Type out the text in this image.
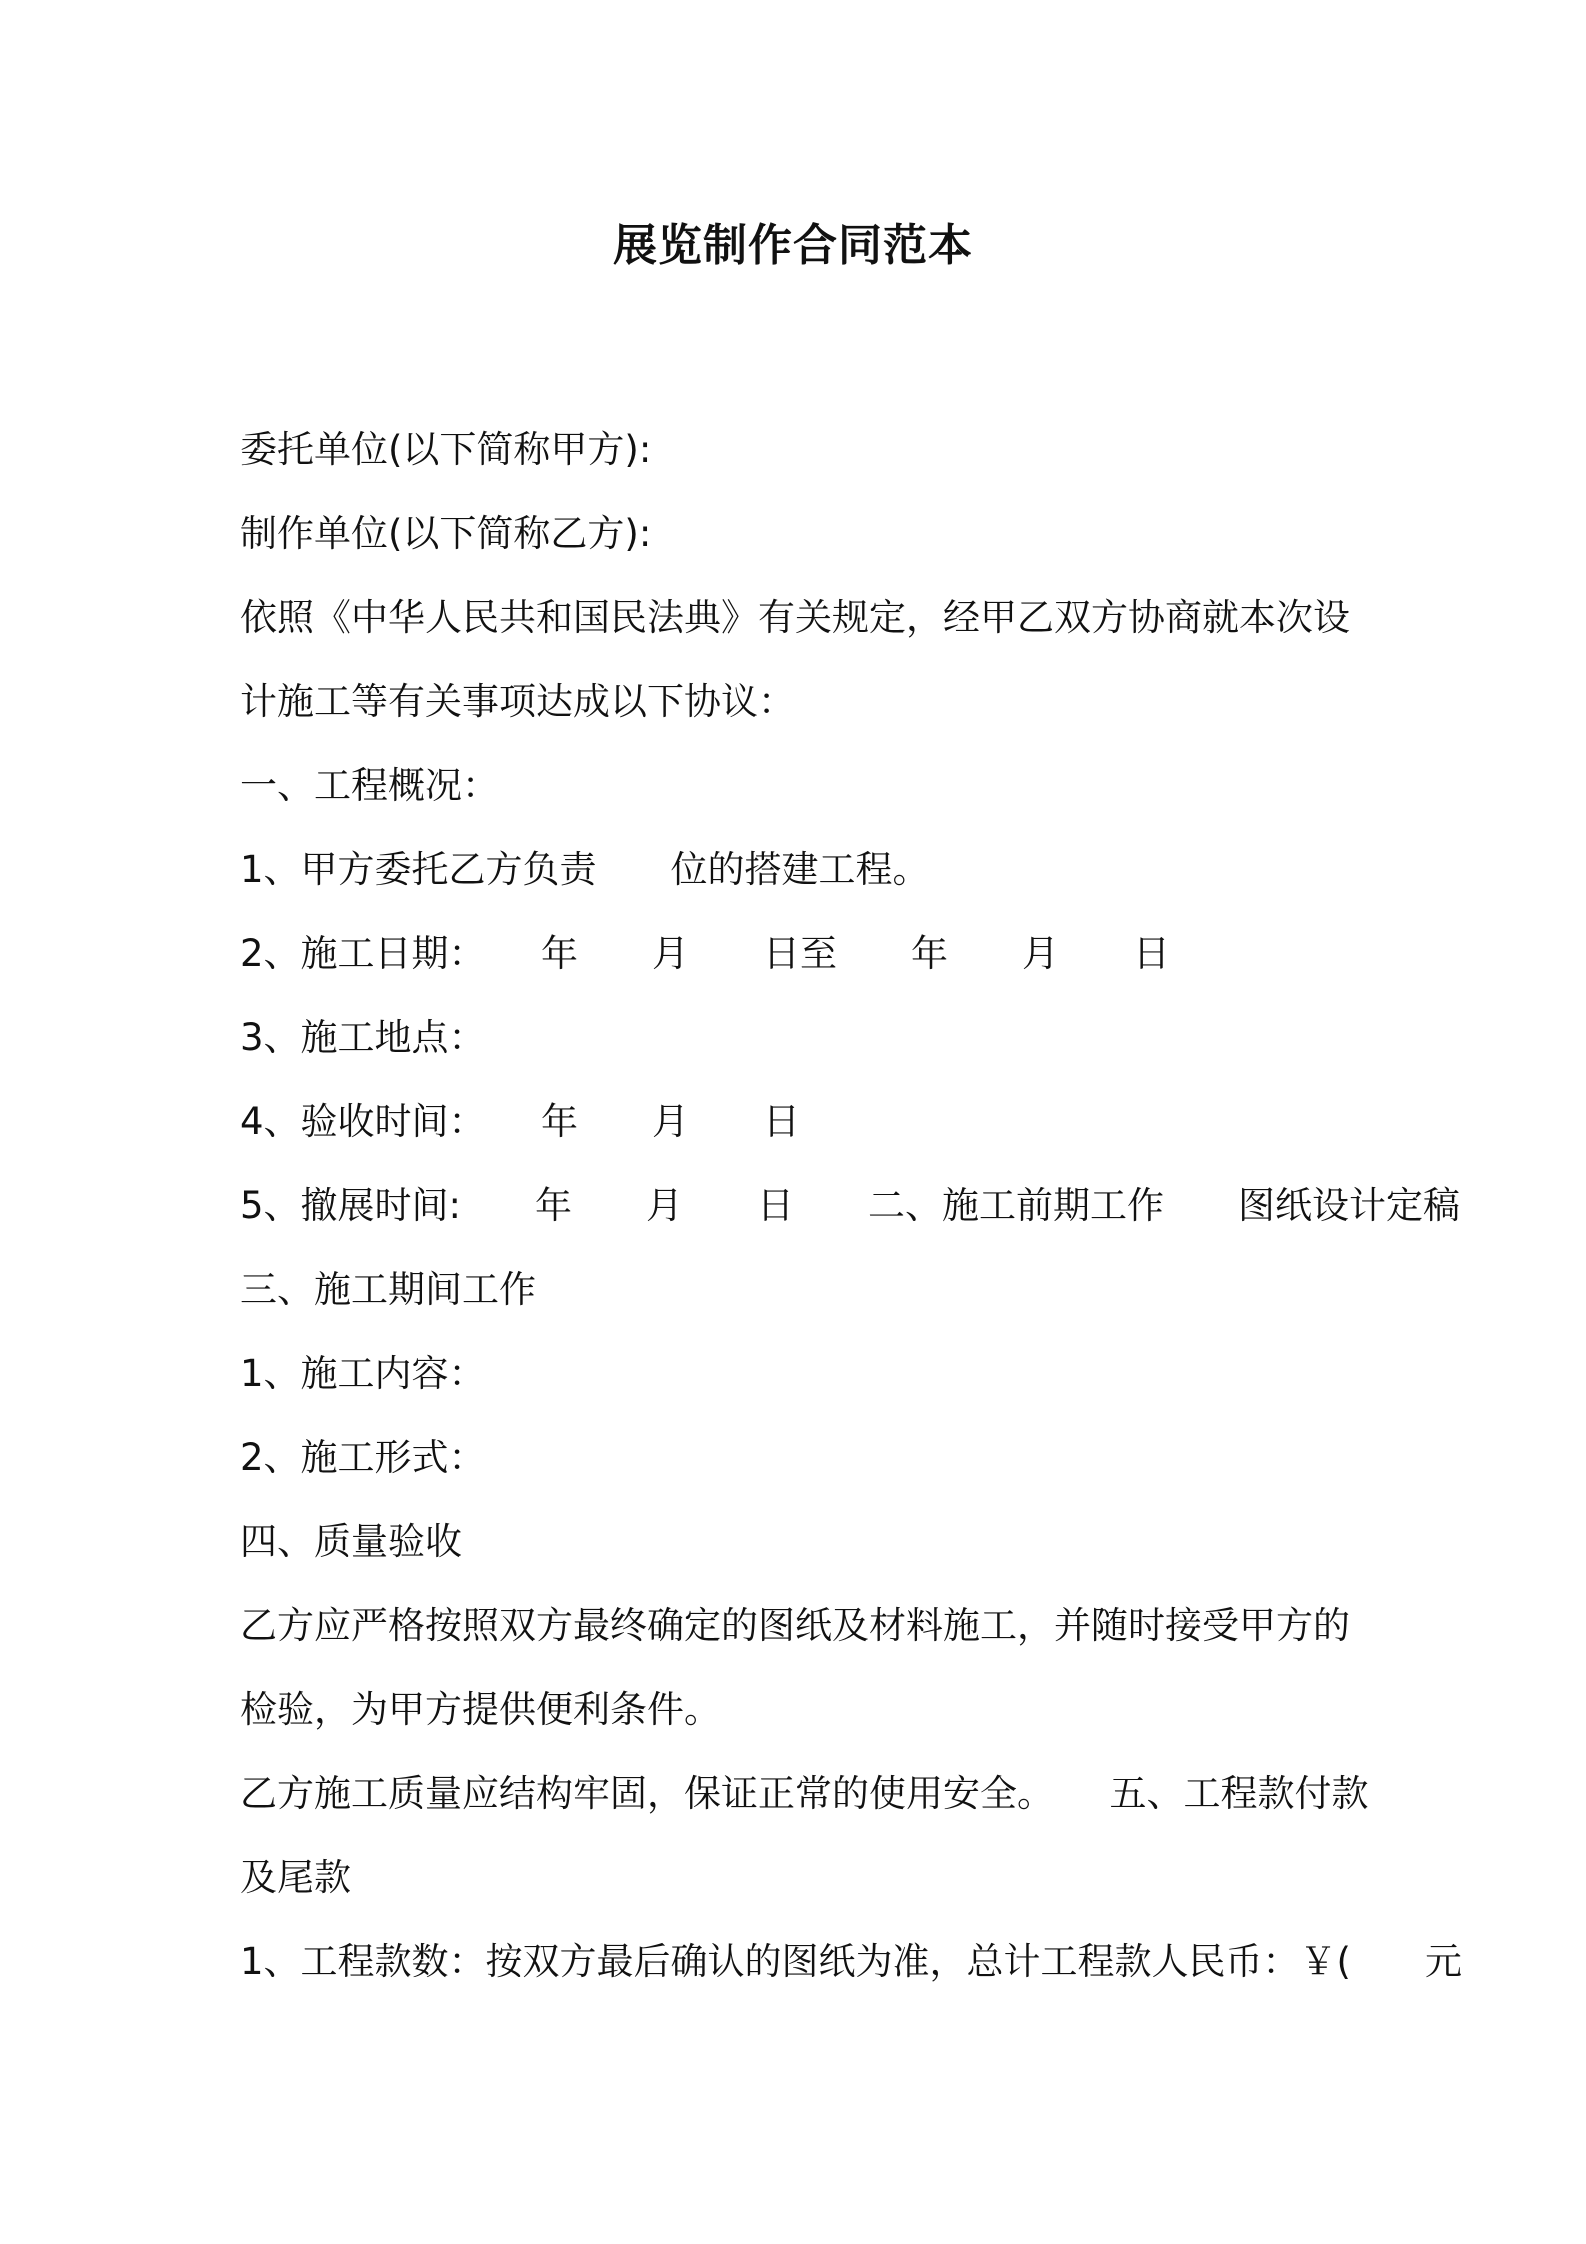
展览制作合同范本
委托单位(以下简称甲方):
制作单位(以下简称乙方):
依照《中华人民共和国民法典》有关规定，经甲乙双方协商就本次设
计施工等有关事项达成以下协议：
一、工程概况：
1、甲方委托乙方负责　　位的搭建工程。
2、施工日期：　　年　　月　　日至　　年　　月　　日
3、施工地点：
4、验收时间：　　年　　月　　日
5、撤展时间:　　年　　月　　日　　二、施工前期工作　　图纸设计定稿
三、施工期间工作
1、施工内容：
2、施工形式：
四、质量验收
乙方应严格按照双方最终确定的图纸及材料施工，并随时接受甲方的
检验，为甲方提供便利条件。
乙方施工质量应结构牢固，保证正常的使用安全。　　五、工程款付款
及尾款
1、工程款数：按双方最后确认的图纸为准，总计工程款人民币：￥(　　元
